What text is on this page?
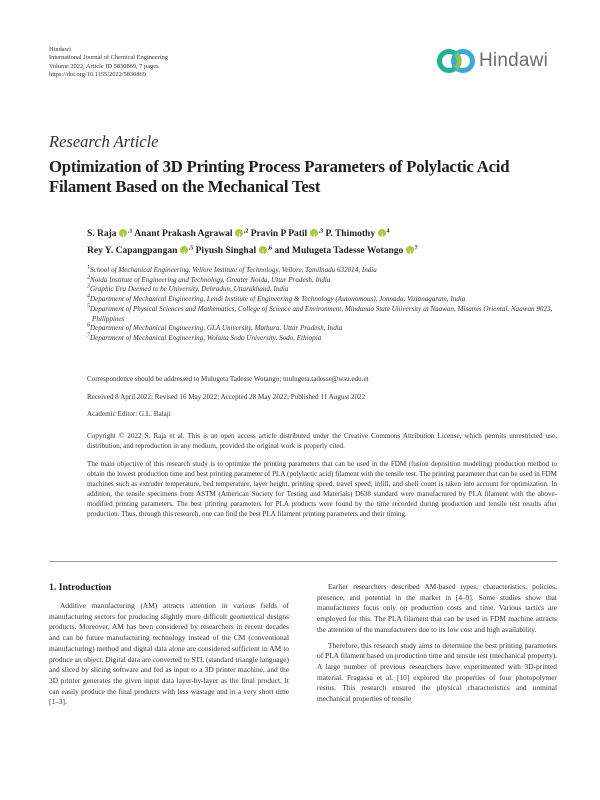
Hindawi
International Journal of Chemical Engineering
Volume 2022, Article ID 5830869, 7 pages
https://doi.org/10.1155/2022/5830869
Hindawi
Research Article
Optimization of 3D Printing Process Parameters of Polylactic Acid Filament Based on the Mechanical Test
S. Raja $i^{,1}$ Anant Prakash Agrawal $i^{,2}$ Pravin P Patil $i^{,3}$ P. Thimothy $i^4$
Rey Y. Capangpangan $i^{,5}$ Piyush Singhal $i^{,6}$ and Mulugeta Tadesse Wotango $i^7$
$^1$School of Mechanical Engineering, Vellore Institute of Technology, Vellore, Tamilnadu 632014, India
$^2$Noida Institute of Engineering and Technology, Greater Noida, Uttar Pradesh, India
$^3$Graphic Era Deemed to be University, Dehradun, Uttarakhand, India
$^4$Department of Mechanical Engineering, Lendi Institute of Engineering & Technology (Autonomous), Jonnada, Vizianagaram, India
$^5$Department of Physical Sciences and Mathematics, College of Science and Environment, Mindanao State University at Naawan, Misamis Oriental, Naawan 9023, Philippines
$^6$Department of Mechanical Engineering, GLA University, Mathura, Uttar Pradesh, India
$^7$Department of Mechanical Engineering, Wolaita Sodo University, Sodo, Ethiopia
Correspondence should be addressed to Mulugeta Tadesse Wotango; mulugeta.tadesse@wsu.edu.et
Received 8 April 2022; Revised 16 May 2022; Accepted 28 May 2022; Published 11 August 2022
Academic Editor: G.L. Balaji
Copyright © 2022 S. Raja et al. This is an open access article distributed under the Creative Commons Attribution License, which permits unrestricted use, distribution, and reproduction in any medium, provided the original work is properly cited.
The main objective of this research study is to optimize the printing parameters that can be used in the FDM (fusion deposition modeling) production method to obtain the lowest production time and best printing parameter of PLA (polylactic acid) filament with the tensile test. The printing parameter that can be used in FDM machines such as extruder temperature, bed temperature, layer height, printing speed, travel speed, infill, and shell count is taken into account for optimization. In addition, the tensile specimens from ASTM (American Society for Testing and Materials) D638 standard were manufactured by PLA filament with the above-modified printing parameters. The best printing parameters for PLA products were found by the time recorded during production and tensile test results after production. Thus, through this research, one can find the best PLA filament printing parameters and their timing.
1. Introduction

Additive manufacturing (AM) attracts attention in various fields of manufacturing sectors for producing slightly more difficult geometrical designs products. Moreover, AM has been considered by researchers in recent decades and can be future manufacturing technology instead of the CM (conventional manufacturing) method and digital data alone are considered sufficient in AM to produce an object. Digital data are converted to STL (standard triangle language) and sliced by slicing software and fed as input to a 3D printer machine, and the 3D printer generates the given input data layer-by-layer as the final product. It can easily produce the final products with less wastage and in a very short time [1–3].

Earlier researchers described AM-based types, characteristics, policies, presence, and potential in the market in [4–9]. Some studies show that manufacturers focus only on production costs and time. Various tactics are employed for this. The PLA filament that can be used in FDM machine attracts the attention of the manufacturers due to its low cost and high availability.

Therefore, this research study aims to determine the best printing parameters of PLA filament based on production time and tensile test (mechanical property). A large number of previous researchers have experimented with 3D-printed material. Fragassa et al. [10] explored the properties of four photopolymer resins. This research ensured the physical characteristics and nominal mechanical properties of tensile
